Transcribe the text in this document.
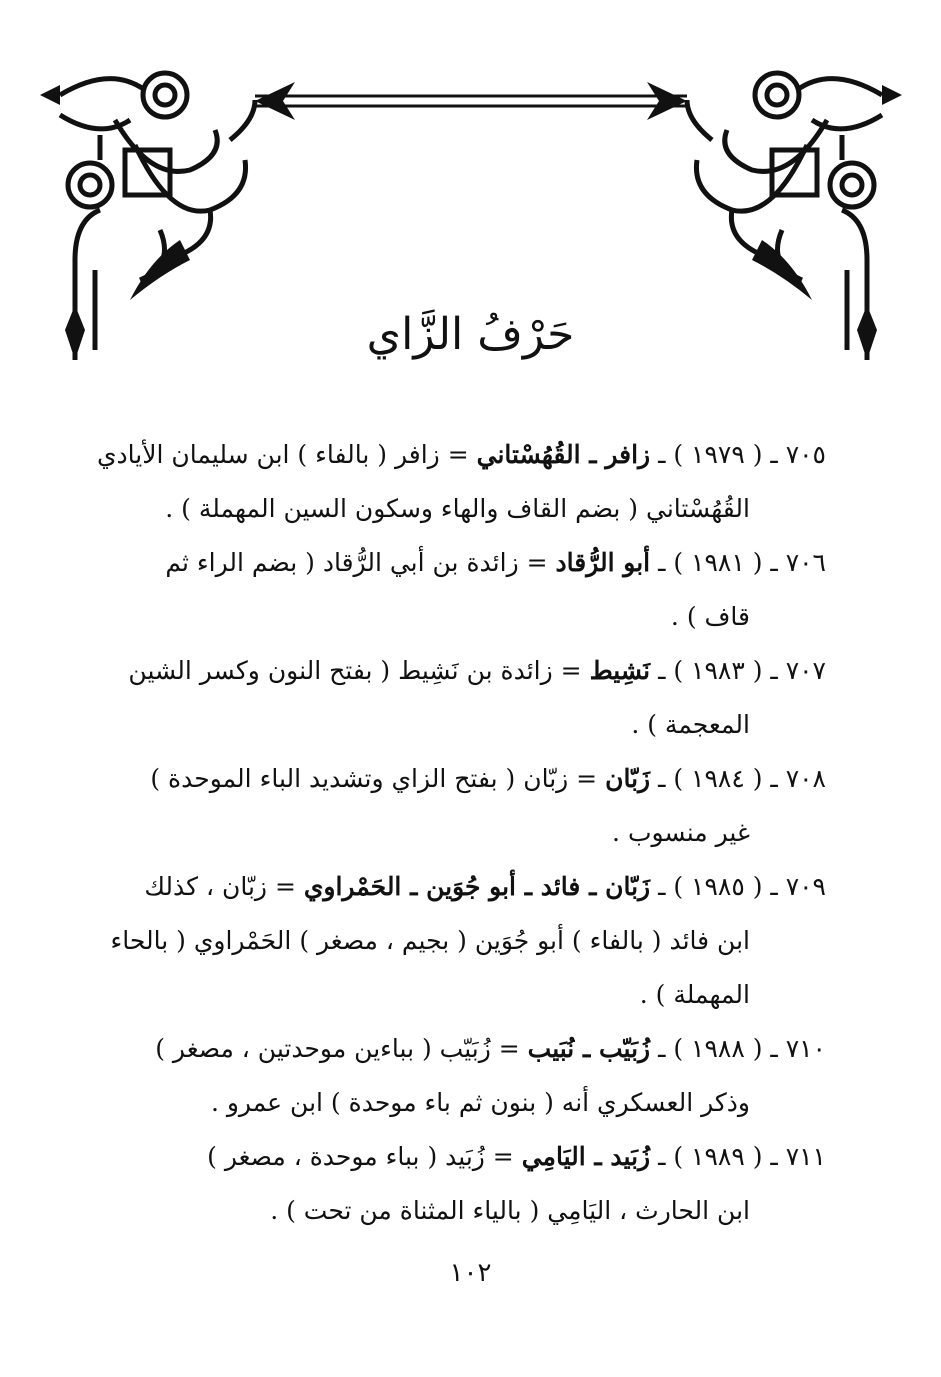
حَرْفُ الزَّاي
٧٠٥ ـ ( ١٩٧٩ ) ـ زافر ـ القُهُسْتاني = زافر ( بالفاء ) ابن سليمان الأيادي
القُهُسْتاني ( بضم القاف والهاء وسكون السين المهملة ) .
٧٠٦ ـ ( ١٩٨١ ) ـ أبو الرُّقاد = زائدة بن أبي الرُّقاد ( بضم الراء ثم
قاف ) .
٧٠٧ ـ ( ١٩٨٣ ) ـ نَشِيط = زائدة بن نَشِيط ( بفتح النون وكسر الشين
المعجمة ) .
٧٠٨ ـ ( ١٩٨٤ ) ـ زَبّان = زبّان ( بفتح الزاي وتشديد الباء الموحدة )
غير منسوب .
٧٠٩ ـ ( ١٩٨٥ ) ـ زَبّان ـ فائد ـ أبو جُوَين ـ الحَمْراوي = زبّان ، كذلك
ابن فائد ( بالفاء ) أبو جُوَين ( بجيم ، مصغر ) الحَمْراوي ( بالحاء
المهملة ) .
٧١٠ ـ ( ١٩٨٨ ) ـ زُبَيّب ـ نُبَيب = زُبَيّب ( بباءين موحدتين ، مصغر )
وذكر العسكري أنه ( بنون ثم باء موحدة ) ابن عمرو .
٧١١ ـ ( ١٩٨٩ ) ـ زُبَيد ـ اليَامِي = زُبَيد ( بباء موحدة ، مصغر )
ابن الحارث ، اليَامِي ( بالياء المثناة من تحت ) .
١٠٢
